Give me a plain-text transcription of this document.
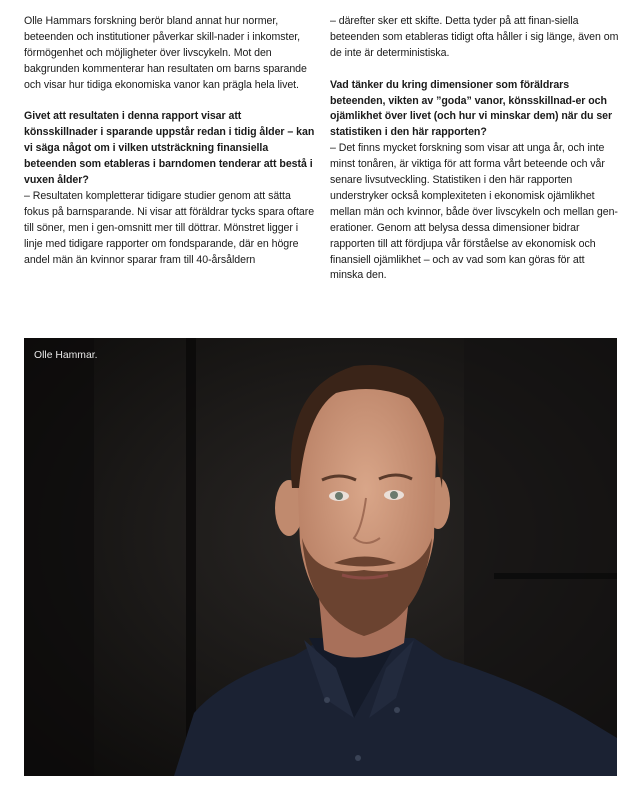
Olle Hammars forskning berör bland annat hur normer, beteenden och institutioner påverkar skill-nader i inkomster, förmögenhet och möjligheter över livscykeln. Mot den bakgrunden kommenterar han resultaten om barns sparande och visar hur tidiga ekonomiska vanor kan prägla hela livet.

Givet att resultaten i denna rapport visar att könsskillnader i sparande uppstår redan i tidig ålder – kan vi säga något om i vilken utsträckning finansiella beteenden som etableras i barndomen tenderar att bestå i vuxen ålder?

– Resultaten kompletterar tidigare studier genom att sätta fokus på barnsparande. Ni visar att föräldrar tycks spara oftare till söner, men i gen-omsnitt mer till döttrar. Mönstret ligger i linje med tidigare rapporter om fondsparande, där en högre andel män än kvinnor sparar fram till 40-årsåldern

– därefter sker ett skifte. Detta tyder på att finan-siella beteenden som etableras tidigt ofta håller i sig länge, även om de inte är deterministiska.

Vad tänker du kring dimensioner som föräldrars beteenden, vikten av ”goda” vanor, könsskillnad-er och ojämlikhet över livet (och hur vi minskar dem) när du ser statistiken i den här rapporten?

– Det finns mycket forskning som visar att unga år, och inte minst tonåren, är viktiga för att forma vårt beteende och vår senare livsutveckling. Statistiken i den här rapporten understryker också komplexiteten i ekonomisk ojämlikhet mellan män och kvinnor, både över livscykeln och mellan gen-erationer. Genom att belysa dessa dimensioner bidrar rapporten till att fördjupa vår förståelse av ekonomisk och finansiell ojämlikhet – och av vad som kan göras för att minska den.

Olle Hammar.
